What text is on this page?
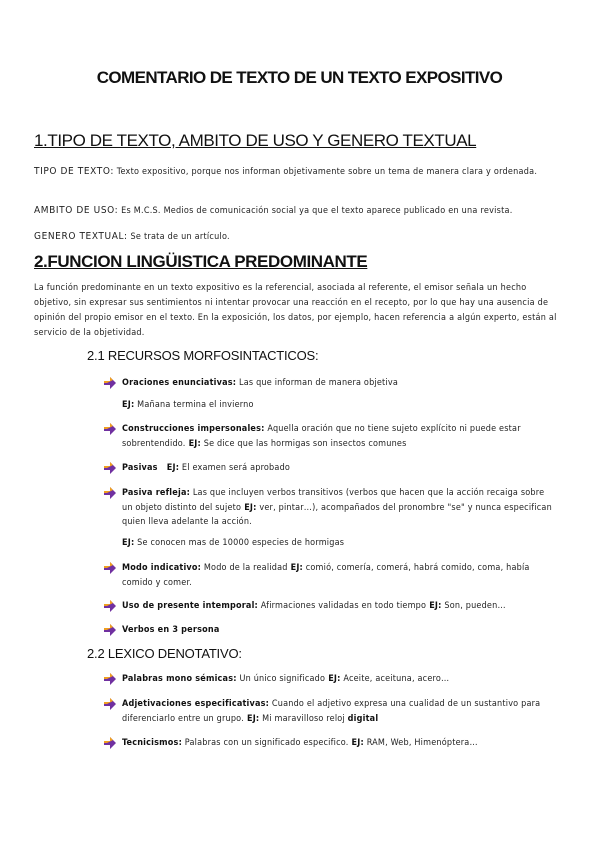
COMENTARIO DE TEXTO DE UN TEXTO EXPOSITIVO
1.TIPO DE TEXTO, AMBITO DE USO Y GENERO TEXTUAL
TIPO DE TEXTO: Texto expositivo, porque nos informan objetivamente sobre un tema de manera clara y ordenada.
AMBITO DE USO: Es M.C.S. Medios de comunicación social ya que el texto aparece publicado en una revista.
GENERO TEXTUAL: Se trata de un artículo.
2.FUNCION LINGÜISTICA PREDOMINANTE
La función predominante en un texto expositivo es la referencial, asociada al referente, el emisor señala un hecho objetivo, sin expresar sus sentimientos ni intentar provocar una reacción en el recepto, por lo que hay una ausencia de opinión del propio emisor en el texto. En la exposición, los datos, por ejemplo, hacen referencia a algún experto, están al servicio de la objetividad.
2.1 RECURSOS MORFOSINTACTICOS:
Oraciones enunciativas: Las que informan de manera objetiva
EJ: Mañana termina el invierno
Construcciones impersonales: Aquella oración que no tiene sujeto explícito ni puede estar sobrentendido. EJ: Se dice que las hormigas son insectos comunes
Pasivas   EJ: El examen será aprobado
Pasiva refleja: Las que incluyen verbos transitivos (verbos que hacen que la acción recaiga sobre un objeto distinto del sujeto EJ: ver, pintar…), acompañados del pronombre "se" y nunca especifican quien lleva adelante la acción.
EJ: Se conocen mas de 10000 especies de hormigas
Modo indicativo: Modo de la realidad EJ: comió, comería, comerá, habrá comido, coma, había comido y comer.
Uso de presente intemporal: Afirmaciones validadas en todo tiempo EJ: Son, pueden…
Verbos en 3 persona
2.2 LEXICO DENOTATIVO:
Palabras mono sémicas: Un único significado EJ: Aceite, aceituna, acero…
Adjetivaciones especificativas: Cuando el adjetivo expresa una cualidad de un sustantivo para diferenciarlo entre un grupo. EJ: Mi maravilloso reloj digital
Tecnicismos: Palabras con un significado especifico. EJ: RAM, Web, Himenóptera…
